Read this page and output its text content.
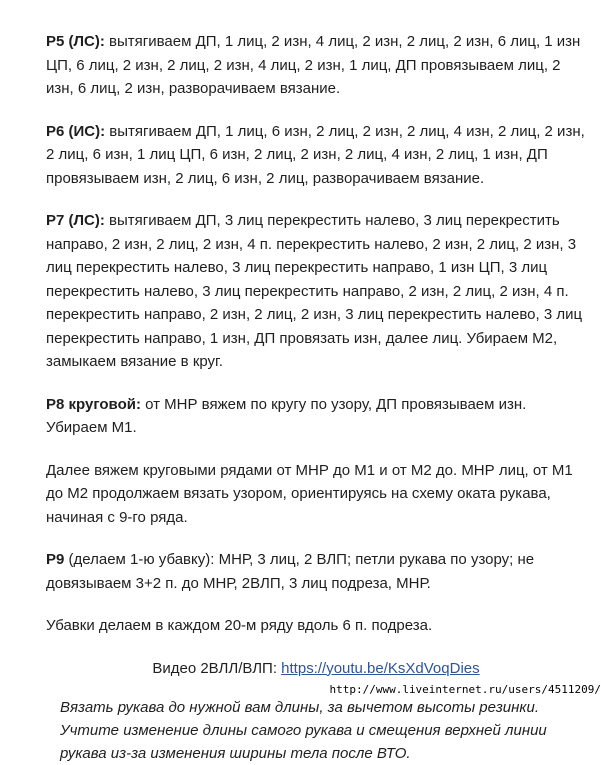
Р5 (ЛС): вытягиваем ДП, 1 лиц, 2 изн, 4 лиц, 2 изн, 2 лиц, 2 изн, 6 лиц, 1 изн ЦП, 6 лиц, 2 изн, 2 лиц, 2 изн, 4 лиц, 2 изн, 1 лиц, ДП провязываем лиц, 2 изн, 6 лиц, 2 изн, разворачиваем вязание.

Р6 (ИС): вытягиваем ДП, 1 лиц, 6 изн, 2 лиц, 2 изн, 2 лиц, 4 изн, 2 лиц, 2 изн, 2 лиц, 6 изн, 1 лиц ЦП, 6 изн, 2 лиц, 2 изн, 2 лиц, 4 изн, 2 лиц, 1 изн, ДП провязываем изн, 2 лиц, 6 изн, 2 лиц, разворачиваем вязание.

Р7 (ЛС): вытягиваем ДП, 3 лиц перекрестить налево, 3 лиц перекрестить направо, 2 изн, 2 лиц, 2 изн, 4 п. перекрестить налево, 2 изн, 2 лиц, 2 изн, 3 лиц перекрестить налево, 3 лиц перекрестить направо, 1 изн ЦП, 3 лиц перекрестить налево, 3 лиц перекрестить направо, 2 изн, 2 лиц, 2 изн, 4 п. перекрестить направо, 2 изн, 2 лиц, 2 изн, 3 лиц перекрестить налево, 3 лиц перекрестить направо, 1 изн, ДП провязать изн, далее лиц. Убираем М2, замыкаем вязание в круг.

Р8 круговой: от МНР вяжем по кругу по узору, ДП провязываем изн. Убираем М1.

Далее вяжем круговыми рядами от МНР до М1 и от М2 до. МНР лиц, от М1 до М2 продолжаем вязать узором, ориентируясь на схему оката рукава, начиная с 9-го ряда.

Р9 (делаем 1-ю убавку): МНР, 3 лиц, 2 ВЛП; петли рукава по узору; не довязываем 3+2 п. до МНР, 2ВЛП, 3 лиц подреза, МНР.

Убавки делаем в каждом 20-м ряду вдоль 6 п. подреза.

Видео 2ВЛЛ/ВЛП: https://youtu.be/KsXdVoqDies

Вязать рукава до нужной вам длины, за вычетом высоты резинки.
Учтите изменение длины самого рукава и смещения верхней линии
рукава из-за изменения ширины тела после ВТО.
http://www.liveinternet.ru/users/4511209/
